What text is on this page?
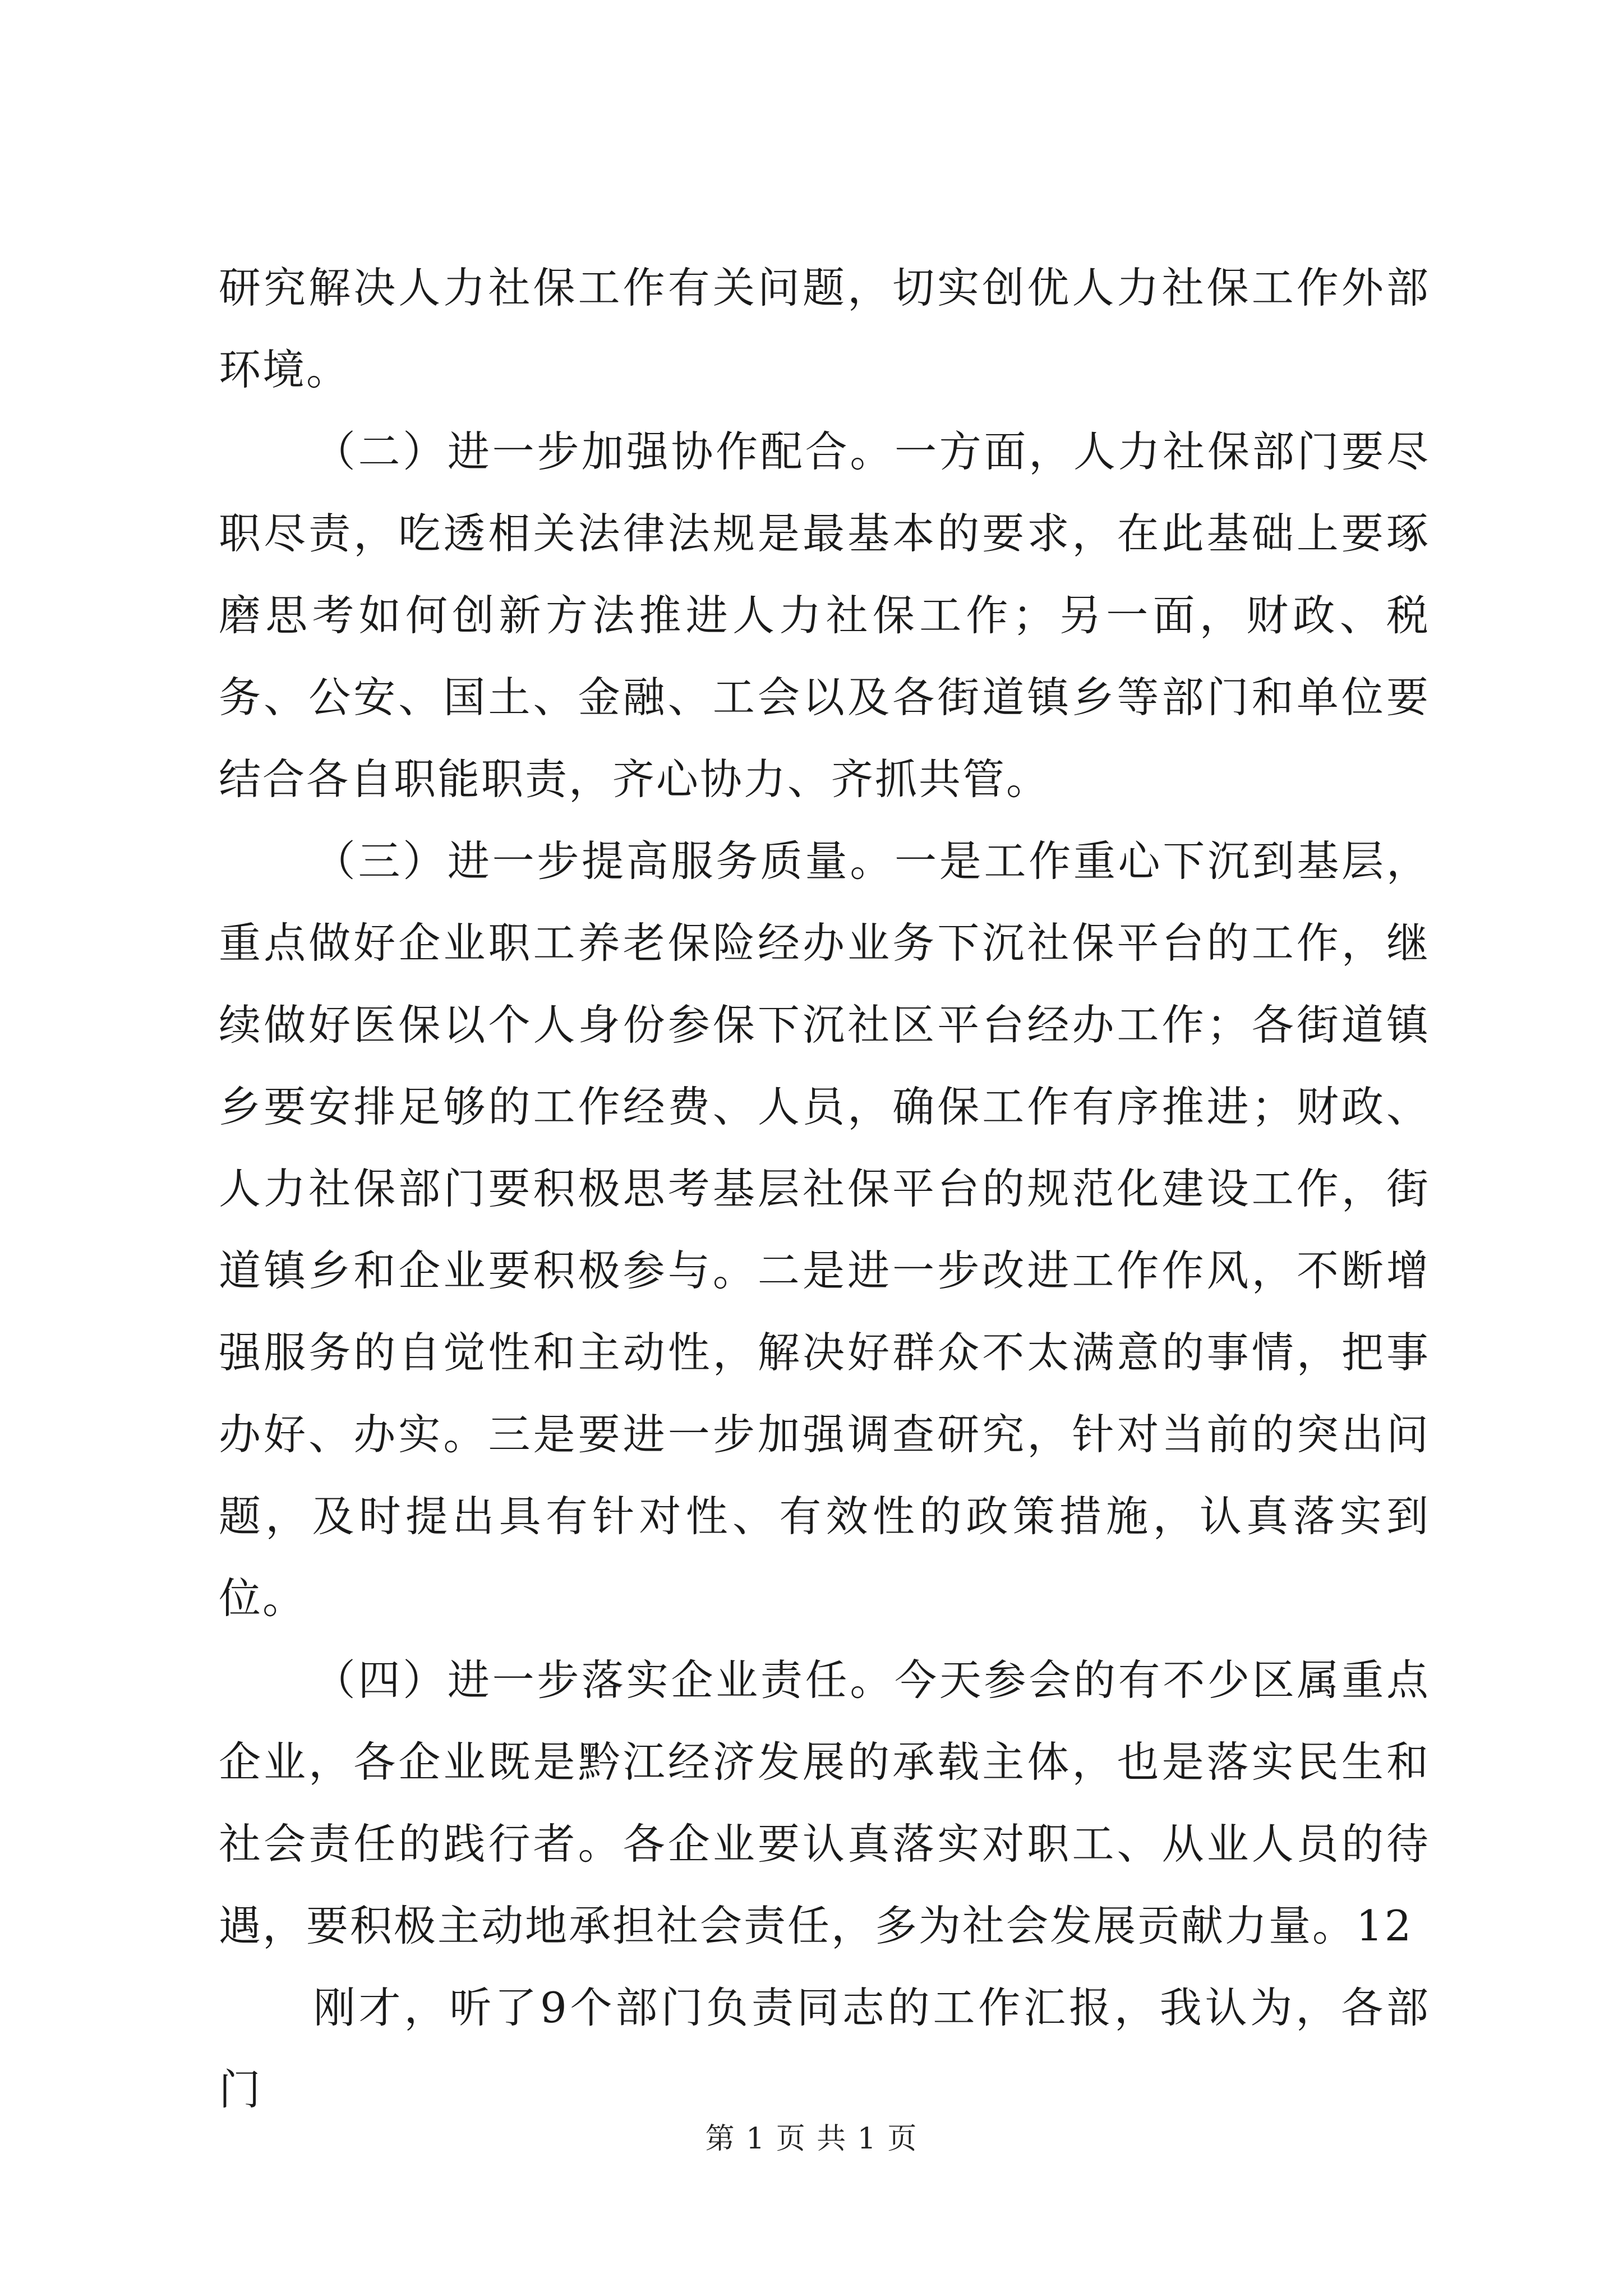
研究解决人力社保工作有关问题，切实创优人力社保工作外部环境。

（二）进一步加强协作配合。一方面，人力社保部门要尽职尽责，吃透相关法律法规是最基本的要求，在此基础上要琢磨思考如何创新方法推进人力社保工作；另一面，财政、税务、公安、国土、金融、工会以及各街道镇乡等部门和单位要结合各自职能职责，齐心协力、齐抓共管。

（三）进一步提高服务质量。一是工作重心下沉到基层，重点做好企业职工养老保险经办业务下沉社保平台的工作，继续做好医保以个人身份参保下沉社区平台经办工作；各街道镇乡要安排足够的工作经费、人员，确保工作有序推进；财政、人力社保部门要积极思考基层社保平台的规范化建设工作，街道镇乡和企业要积极参与。二是进一步改进工作作风，不断增强服务的自觉性和主动性，解决好群众不太满意的事情，把事办好、办实。三是要进一步加强调查研究，针对当前的突出问题，及时提出具有针对性、有效性的政策措施，认真落实到位。

（四）进一步落实企业责任。今天参会的有不少区属重点企业，各企业既是黔江经济发展的承载主体，也是落实民生和社会责任的践行者。各企业要认真落实对职工、从业人员的待遇，要积极主动地承担社会责任，多为社会发展贡献力量。12

刚才，听了9个部门负责同志的工作汇报，我认为，各部门

第 1 页 共 1 页
